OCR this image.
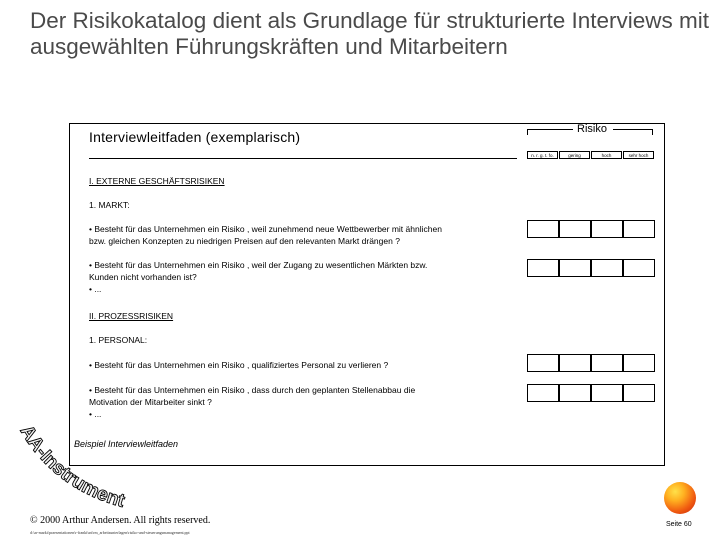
Der Risikokatalog dient als Grundlage für strukturierte Interviews mit ausgewählten Führungskräften und Mitarbeitern
Interviewleitfaden (exemplarisch)	Risiko
n. r. g. t. fo.	gering	hoch	sehr hoch
I. EXTERNE GESCHÄFTSRISIKEN
1. MARKT:
• Besteht für das Unternehmen ein Risiko , weil zunehmend neue Wettbewerber mit ähnlichen
bzw. gleichen Konzepten zu niedrigen Preisen auf den relevanten Markt drängen ?
• Besteht für das Unternehmen ein Risiko , weil der Zugang zu wesentlichen Märkten bzw.
Kunden nicht vorhanden ist?
• ...
II. PROZESSRISIKEN
1. PERSONAL:
• Besteht für das Unternehmen ein Risiko , qualifiziertes Personal zu verlieren ?
• Besteht für das Unternehmen ein Risiko , dass durch den geplanten Stellenabbau die
Motivation der Mitarbeiter sinkt ?
• ...
AA-Instrument
Beispiel Interviewleitfaden
© 2000 Arthur Andersen. All rights reserved.
d:\ar-markt\praesentationen\r-frankfurt\rm_arbeitsunterlagen\risiko-und-steuerungsmanagement.ppt
Seite 60
